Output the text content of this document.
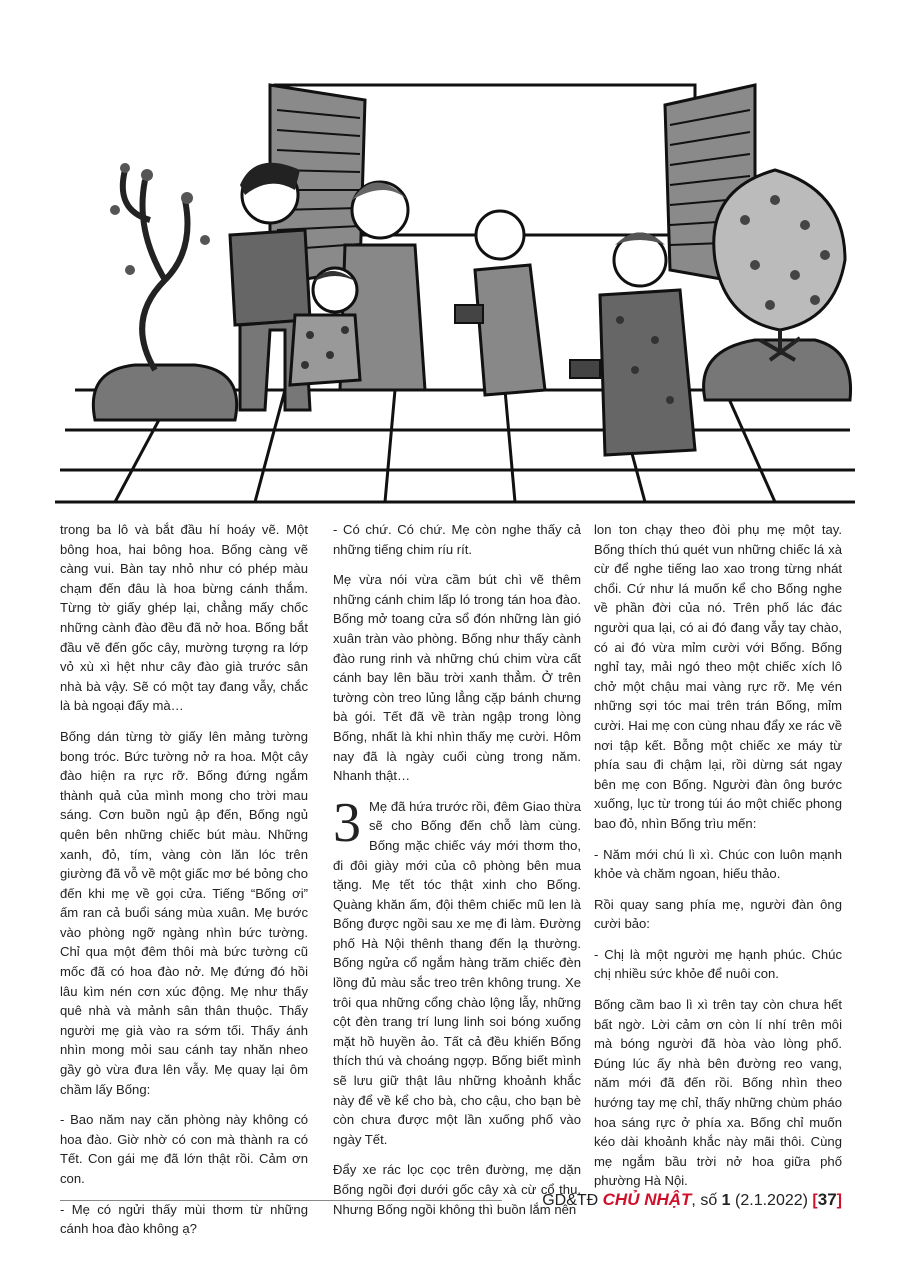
trong ba lô và bắt đầu hí hoáy vẽ. Một bông hoa, hai bông hoa. Bống càng vẽ càng vui. Bàn tay nhỏ như có phép màu chạm đến đâu là hoa bừng cánh thắm. Từng tờ giấy ghép lại, chẳng mấy chốc những cành đào đều đã nở hoa. Bống bắt đầu vẽ đến gốc cây, mường tượng ra lớp vỏ xù xì hệt như cây đào già trước sân nhà bà vậy. Sẽ có một tay đang vẫy, chắc là bà ngoại đấy mà…

Bống dán từng tờ giấy lên mảng tường bong tróc. Bức tường nở ra hoa. Một cây đào hiện ra rực rỡ. Bống đứng ngắm thành quả của mình mong cho trời mau sáng. Cơn buồn ngủ ập đến, Bống ngủ quên bên những chiếc bút màu. Những xanh, đỏ, tím, vàng còn lăn lóc trên giường đã vỗ về một giấc mơ bé bỏng cho đến khi mẹ về gọi cửa. Tiếng “Bống ơi” ấm ran cả buổi sáng mùa xuân. Mẹ bước vào phòng ngỡ ngàng nhìn bức tường. Chỉ qua một đêm thôi mà bức tường cũ mốc đã có hoa đào nở. Mẹ đứng đó hồi lâu kìm nén cơn xúc động. Mẹ như thấy quê nhà và mảnh sân thân thuộc. Thấy người mẹ già vào ra sớm tối. Thấy ánh nhìn mong mỏi sau cánh tay nhăn nheo gầy gò vừa đưa lên vẫy. Mẹ quay lại ôm chầm lấy Bống:

- Bao năm nay căn phòng này không có hoa đào. Giờ nhờ có con mà thành ra có Tết. Con gái mẹ đã lớn thật rồi. Cảm ơn con.

- Mẹ có ngửi thấy mùi thơm từ những cánh hoa đào không ạ?

- Có chứ. Có chứ. Mẹ còn nghe thấy cả những tiếng chim ríu rít.

Mẹ vừa nói vừa cầm bút chì vẽ thêm những cánh chim lấp ló trong tán hoa đào. Bống mở toang cửa sổ đón những làn gió xuân tràn vào phòng. Bống như thấy cành đào rung rinh và những chú chim vừa cất cánh bay lên bầu trời xanh thẳm. Ở trên tường còn treo lủng lẳng cặp bánh chưng bà gói. Tết đã về tràn ngập trong lòng Bống, nhất là khi nhìn thấy mẹ cười. Hôm nay đã là ngày cuối cùng trong năm. Nhanh thật…

3 Mẹ đã hứa trước rồi, đêm Giao thừa sẽ cho Bống đến chỗ làm cùng. Bống mặc chiếc váy mới thơm tho, đi đôi giày mới của cô phòng bên mua tặng. Mẹ tết tóc thật xinh cho Bống. Quàng khăn ấm, đội thêm chiếc mũ len là Bống được ngồi sau xe mẹ đi làm. Đường phố Hà Nội thênh thang đến lạ thường. Bống ngửa cổ ngắm hàng trăm chiếc đèn lồng đủ màu sắc treo trên không trung. Xe trôi qua những cổng chào lộng lẫy, những cột đèn trang trí lung linh soi bóng xuống mặt hồ huyền ảo. Tất cả đều khiến Bống thích thú và choáng ngợp. Bống biết mình sẽ lưu giữ thật lâu những khoảnh khắc này để về kể cho bà, cho cậu, cho bạn bè còn chưa được một lần xuống phố vào ngày Tết.

Đẩy xe rác lọc cọc trên đường, mẹ dặn Bống ngồi đợi dưới gốc cây xà cừ cổ thụ. Nhưng Bống ngồi không thì buồn lắm nên

lon ton chạy theo đòi phụ mẹ một tay. Bống thích thú quét vun những chiếc lá xà cừ để nghe tiếng lao xao trong từng nhát chổi. Cứ như lá muốn kể cho Bống nghe về phần đời của nó. Trên phố lác đác người qua lại, có ai đó đang vẫy tay chào, có ai đó vừa mỉm cười với Bống. Bống nghỉ tay, mải ngó theo một chiếc xích lô chở một chậu mai vàng rực rỡ. Mẹ vén những sợi tóc mai trên trán Bống, mỉm cười. Hai mẹ con cùng nhau đẩy xe rác về nơi tập kết. Bỗng một chiếc xe máy từ phía sau đi chậm lại, rồi dừng sát ngay bên mẹ con Bống. Người đàn ông bước xuống, lục từ trong túi áo một chiếc phong bao đỏ, nhìn Bống trìu mến:

- Năm mới chú lì xì. Chúc con luôn mạnh khỏe và chăm ngoan, hiếu thảo.

Rồi quay sang phía mẹ, người đàn ông cười bảo:

- Chị là một người mẹ hạnh phúc. Chúc chị nhiều sức khỏe để nuôi con.

Bống cầm bao lì xì trên tay còn chưa hết bất ngờ. Lời cảm ơn còn lí nhí trên môi mà bóng người đã hòa vào lòng phố. Đúng lúc ấy nhà bên đường reo vang, năm mới đã đến rồi. Bống nhìn theo hướng tay mẹ chỉ, thấy những chùm pháo hoa sáng rực ở phía xa. Bống chỉ muốn kéo dài khoảnh khắc này mãi thôi. Cùng mẹ ngắm bầu trời nở hoa giữa phố phường Hà Nội.

GD&TĐ CHỦ NHẬT, số 1 (2.1.2022) [37]
